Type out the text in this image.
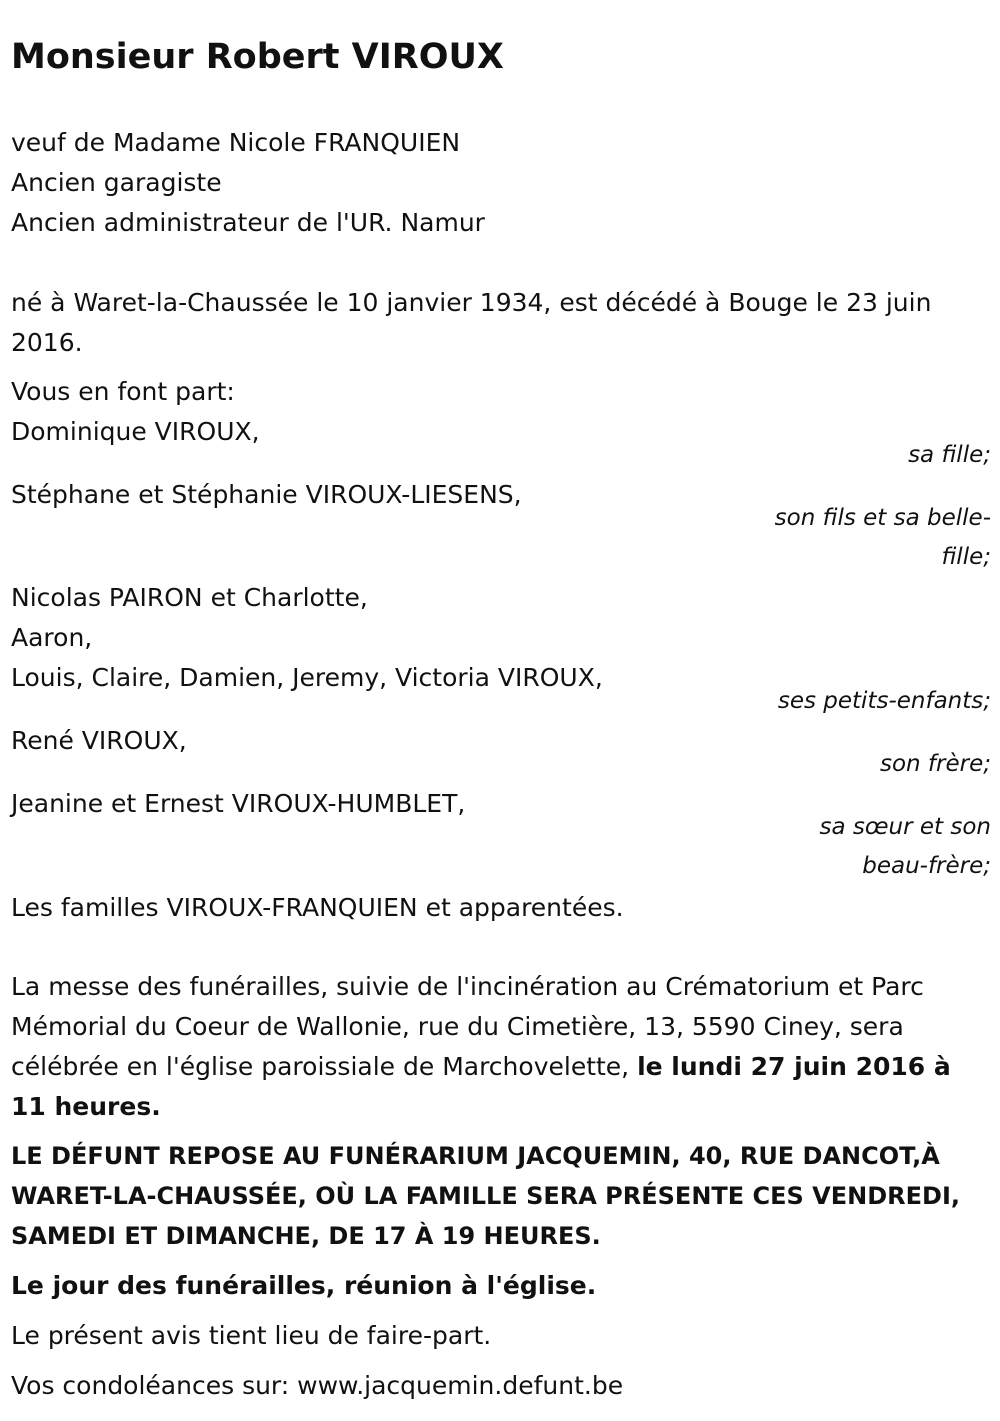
Monsieur Robert VIROUX

veuf de Madame Nicole FRANQUIEN

Ancien garagiste

Ancien administrateur de l'UR. Namur

né à Waret-la-Chaussée le 10 janvier 1934, est décédé à Bouge le 23 juin 2016.

Vous en font part:

Dominique VIROUX,

sa fille;

Stéphane et Stéphanie VIROUX-LIESENS,

son fils et sa belle-

fille;

Nicolas PAIRON et Charlotte,

Aaron,

Louis, Claire, Damien, Jeremy, Victoria VIROUX,

ses petits-enfants;

René VIROUX,

son frère;

Jeanine et Ernest VIROUX-HUMBLET,

sa sœur et son

beau-frère;

Les familles VIROUX-FRANQUIEN et apparentées.

La messe des funérailles, suivie de l'incinération au Crématorium et Parc Mémorial du Coeur de Wallonie, rue du Cimetière, 13, 5590 Ciney, sera célébrée en l'église paroissiale de Marchovelette, le lundi 27 juin 2016 à 11 heures.

LE DÉFUNT REPOSE AU FUNÉRARIUM JACQUEMIN, 40, RUE DANCOT,À WARET-LA-CHAUSSÉE, OÙ LA FAMILLE SERA PRÉSENTE CES VENDREDI, SAMEDI ET DIMANCHE, DE 17 À 19 HEURES.

Le jour des funérailles, réunion à l'église.

Le présent avis tient lieu de faire-part.

Vos condoléances sur: www.jacquemin.defunt.be
